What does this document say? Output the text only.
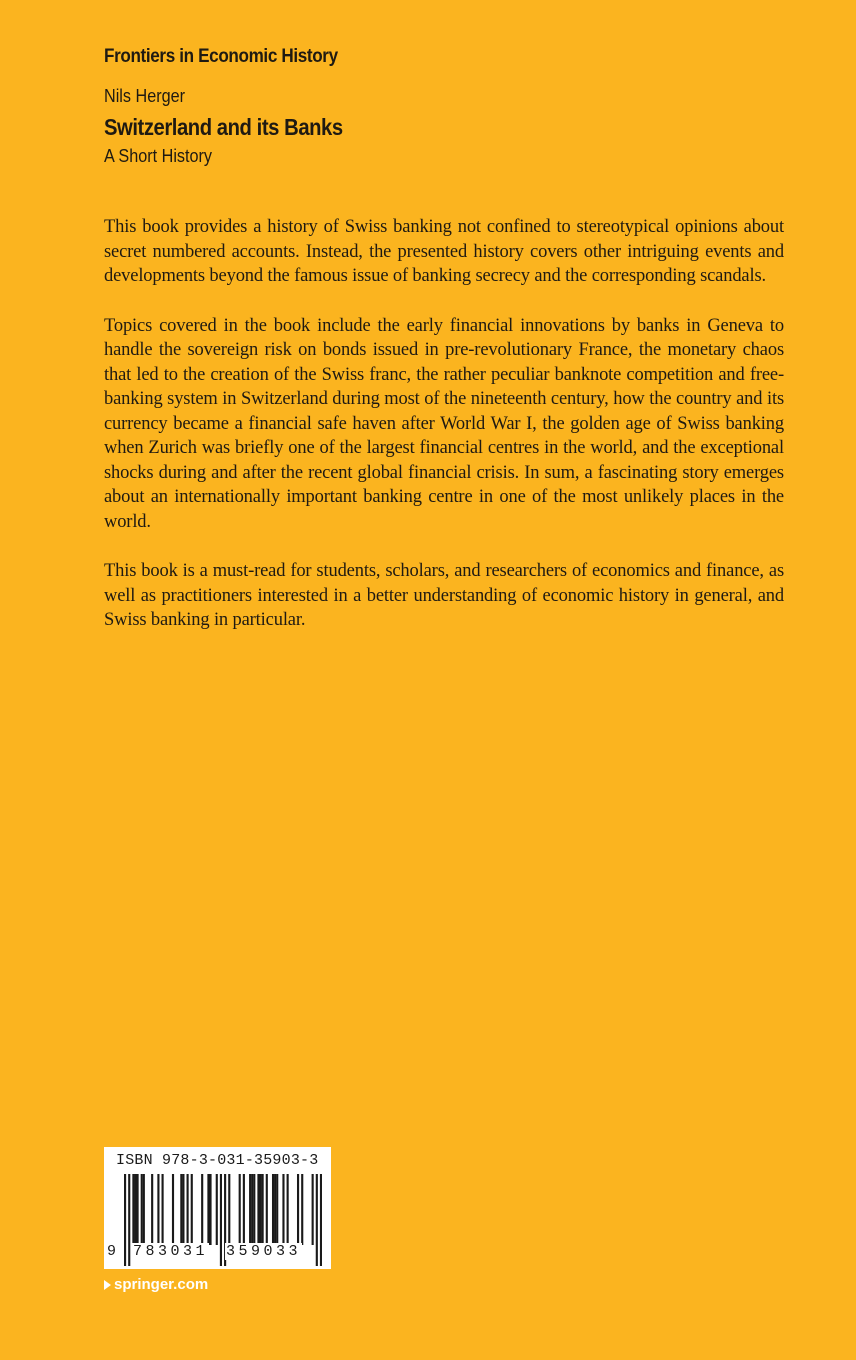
Frontiers in Economic History
Nils Herger
Switzerland and its Banks
A Short History

This book provides a history of Swiss banking not confined to stereotypical opinions about secret numbered accounts. Instead, the presented history covers other intriguing events and developments beyond the famous issue of banking secrecy and the corresponding scandals.

Topics covered in the book include the early financial innovations by banks in Geneva to handle the sovereign risk on bonds issued in pre-revolutionary France, the monetary chaos that led to the creation of the Swiss franc, the rather peculiar banknote competition and free-banking system in Switzerland during most of the nineteenth century, how the country and its currency became a financial safe haven after World War I, the golden age of Swiss banking when Zurich was briefly one of the largest financial centres in the world, and the exceptional shocks during and after the recent global financial crisis. In sum, a fascinating story emerges about an internationally important banking centre in one of the most unlikely places in the world.

This book is a must-read for students, scholars, and researchers of economics and finance, as well as practitioners interested in a better understanding of economic history in general, and Swiss banking in particular.

ISBN 978-3-031-35903-3
9 783031 359033
springer.com
